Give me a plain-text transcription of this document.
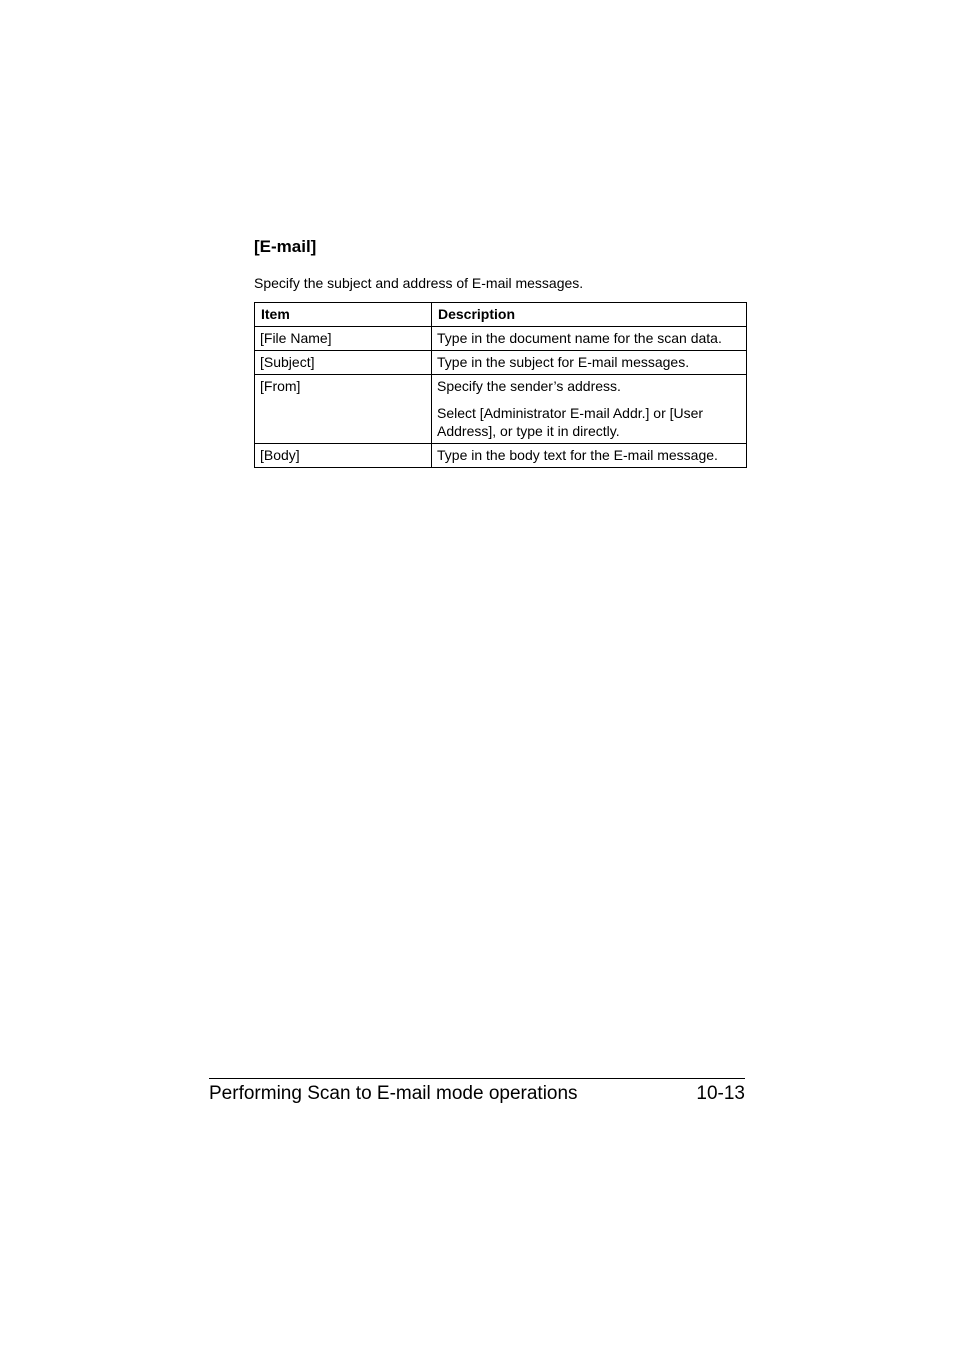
[E-mail]

Specify the subject and address of E-mail messages.

Item	Description
[File Name]	Type in the document name for the scan data.

[Subject]	Type in the subject for E-mail messages.

[From]	Specify the sender’s address.

Select [Administrator E-mail Addr.] or [User Address], or type it in directly.

[Body]	Type in the body text for the E-mail message.

Performing Scan to E-mail mode operations	10-13
